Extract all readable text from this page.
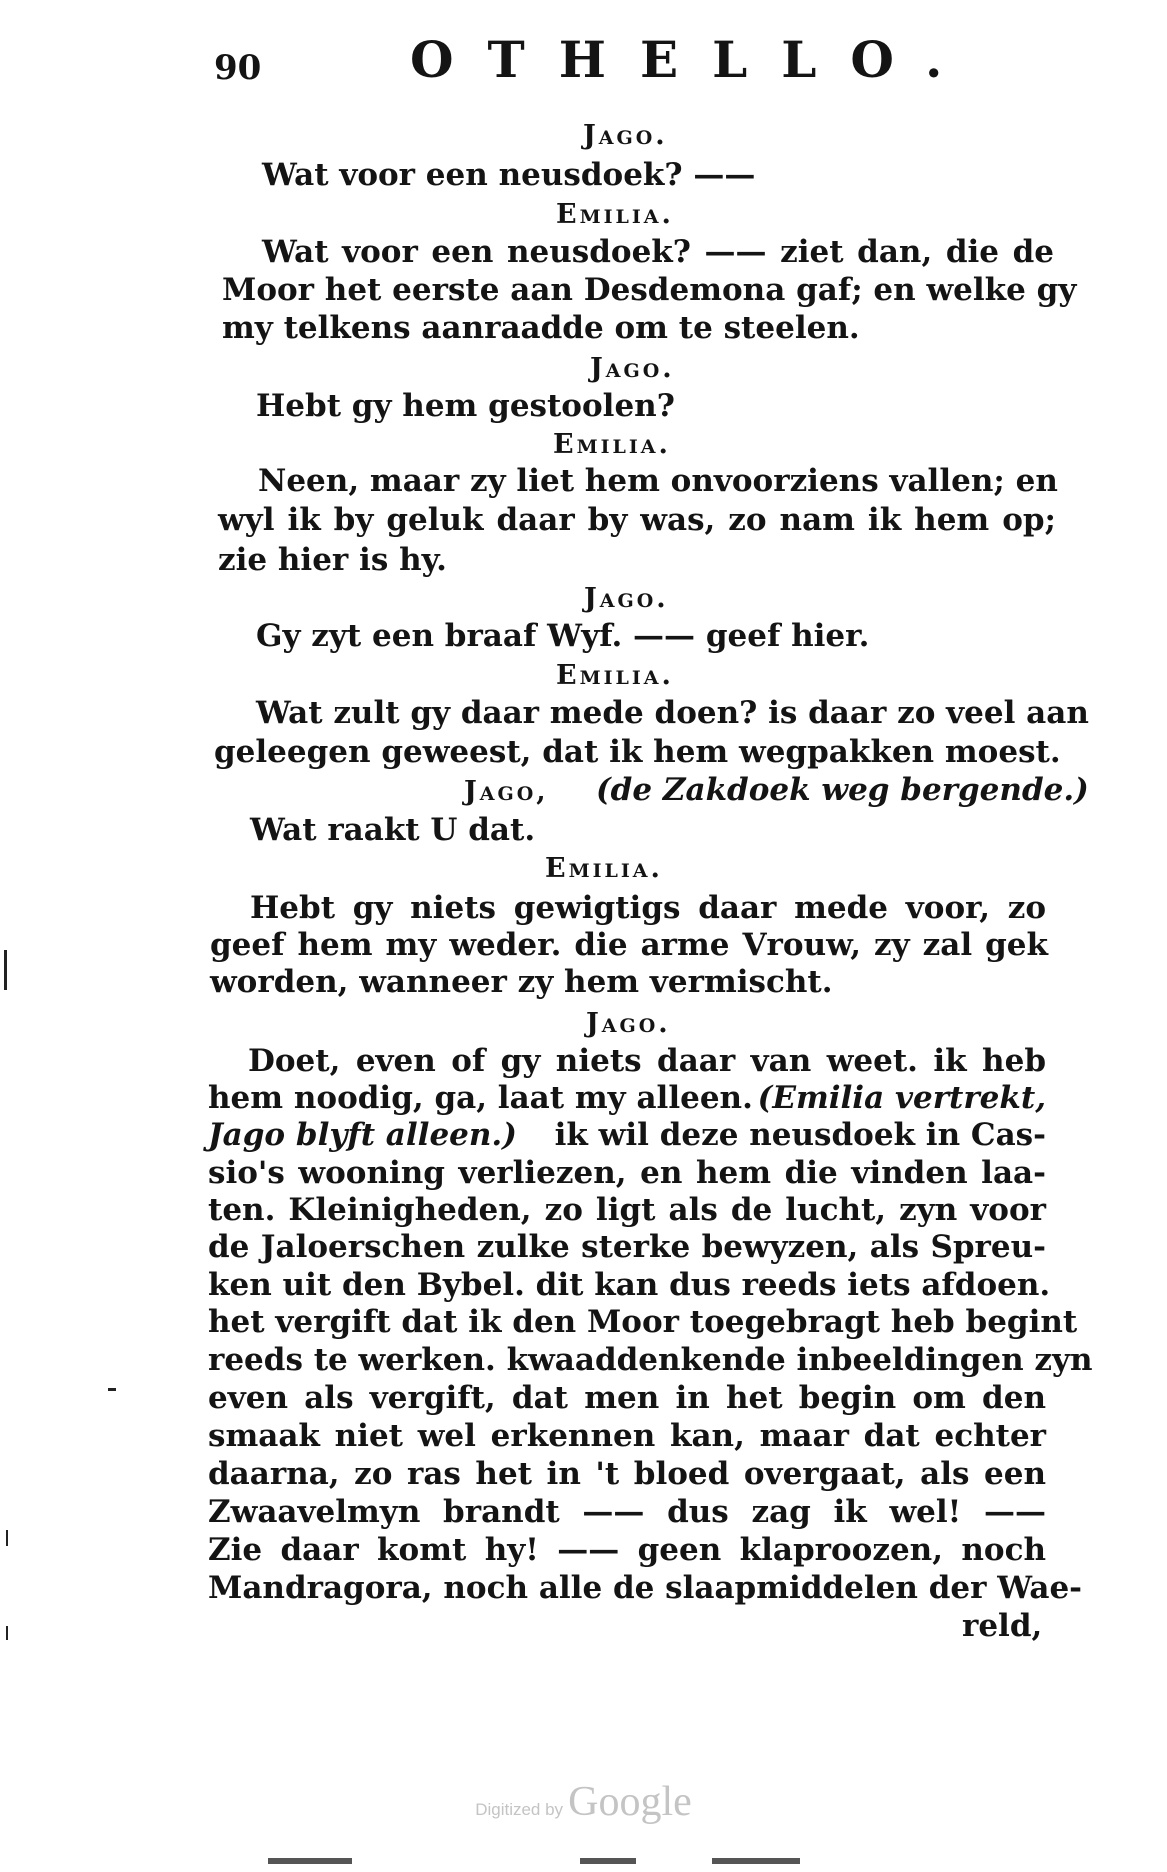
90	OTHELLO.
Jago.
Wat voor een neusdoek? ——
Emilia.
Wat voor een neusdoek? —— ziet dan, die de
Moor het eerste aan Desdemona gaf; en welke gy
my telkens aanraadde om te steelen.
Jago.
Hebt gy hem gestoolen?
Emilia.
Neen, maar zy liet hem onvoorziens vallen; en
wyl ik by geluk daar by was, zo nam ik hem op;
zie hier is hy.
Jago.
Gy zyt een braaf Wyf. —— geef hier.
Emilia.
Wat zult gy daar mede doen? is daar zo veel aan
geleegen geweest, dat ik hem wegpakken moest.
Jago, (de Zakdoek weg bergende.)
Wat raakt U dat.
Emilia.
Hebt gy niets gewigtigs daar mede voor, zo
geef hem my weder. die arme Vrouw, zy zal gek
worden, wanneer zy hem vermischt.
Jago.
Doet, even of gy niets daar van weet. ik heb
hem noodig, ga, laat my alleen. (Emilia vertrekt,
Jago blyft alleen.) ik wil deze neusdoek in Cas-
sio's wooning verliezen, en hem die vinden laa-
ten. Kleinigheden, zo ligt als de lucht, zyn voor
de Jaloerschen zulke sterke bewyzen, als Spreu-
ken uit den Bybel. dit kan dus reeds iets afdoen.
het vergift dat ik den Moor toegebragt heb begint
reeds te werken. kwaaddenkende inbeeldingen zyn
even als vergift, dat men in het begin om den
smaak niet wel erkennen kan, maar dat echter
daarna, zo ras het in 't bloed overgaat, als een
Zwaavelmyn brandt —— dus zag ik wel! ——
Zie daar komt hy! —— geen klaproozen, noch
Mandragora, noch alle de slaapmiddelen der Wae-
reld,
Digitized by Google
